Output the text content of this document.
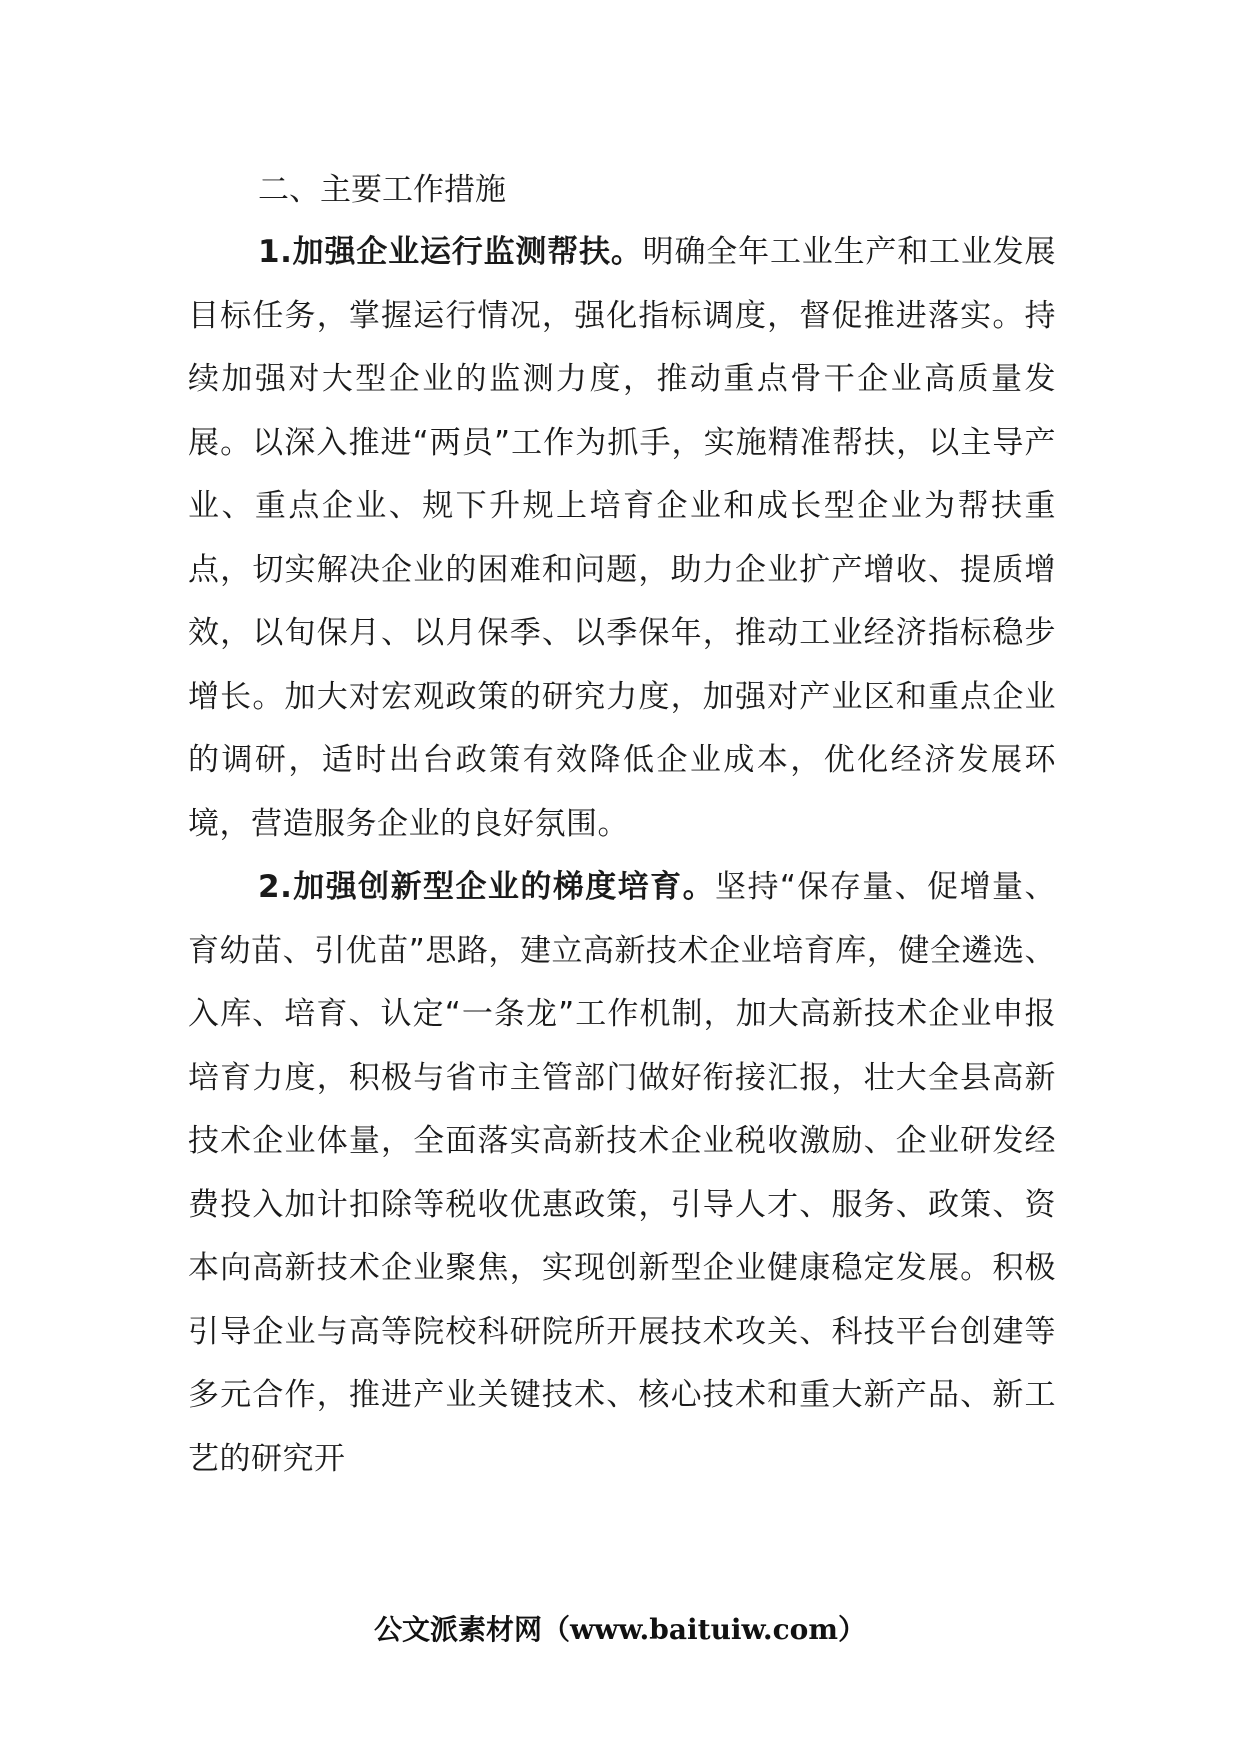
二、主要工作措施

1.加强企业运行监测帮扶。明确全年工业生产和工业发展目标任务，掌握运行情况，强化指标调度，督促推进落实。持续加强对大型企业的监测力度，推动重点骨干企业高质量发展。以深入推进“两员”工作为抓手，实施精准帮扶，以主导产业、重点企业、规下升规上培育企业和成长型企业为帮扶重点，切实解决企业的困难和问题，助力企业扩产增收、提质增效，以旬保月、以月保季、以季保年，推动工业经济指标稳步增长。加大对宏观政策的研究力度，加强对产业区和重点企业的调研，适时出台政策有效降低企业成本，优化经济发展环境，营造服务企业的良好氛围。

2.加强创新型企业的梯度培育。坚持“保存量、促增量、育幼苗、引优苗”思路，建立高新技术企业培育库，健全遴选、入库、培育、认定“一条龙”工作机制，加大高新技术企业申报培育力度，积极与省市主管部门做好衔接汇报，壮大全县高新技术企业体量，全面落实高新技术企业税收激励、企业研发经费投入加计扣除等税收优惠政策，引导人才、服务、政策、资本向高新技术企业聚焦，实现创新型企业健康稳定发展。积极引导企业与高等院校科研院所开展技术攻关、科技平台创建等多元合作，推进产业关键技术、核心技术和重大新产品、新工艺的研究开

公文派素材网（www.baituiw.com）
